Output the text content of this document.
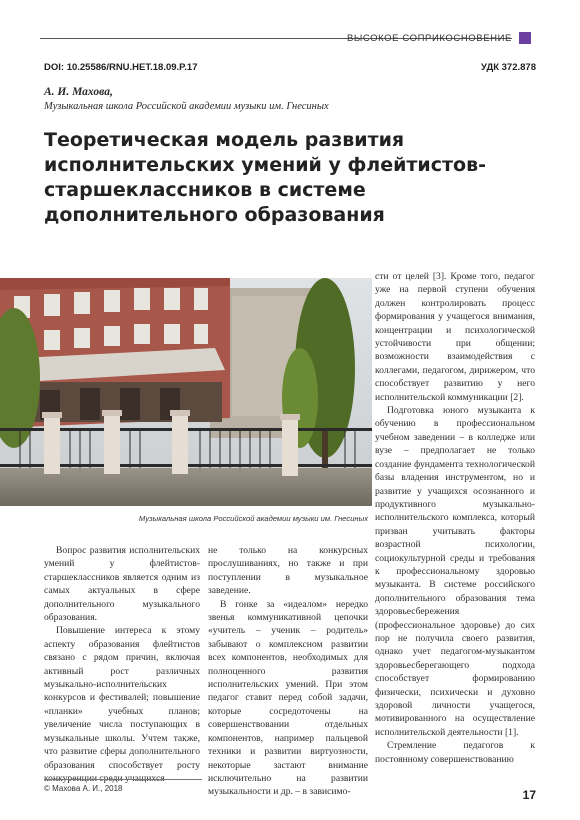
ВЫСОКОЕ СОПРИКОСНОВЕНИЕ
DOI: 10.25586/RNU.HET.18.09.P.17	УДК 372.878
А. И. Махова,
Музыкальная школа Российской академии музыки им. Гнесиных
Теоретическая модель развития исполнительских умений у флейтистов-старшеклассников в системе дополнительного образования
Музыкальная школа Российской академии музыки им. Гнесиных

Вопрос развития исполнительских умений у флейтистов-старшеклассников является одним из самых актуальных в сфере дополнительного музыкального образования.

Повышение интереса к этому аспекту образования флейтистов связано с рядом причин, включая активный рост различных музыкально-исполнительских конкурсов и фестивалей; повышение «планки» учебных планов; увеличение числа поступающих в музыкальные школы. Учтем также, что развитие сферы дополнительного образования способствует росту

не только на конкурсных прослушиваниях, но также и при поступлении в музыкальное заведение.

В гонке за «идеалом» нередко звенья коммуникативной цепочки «учитель – ученик – родитель» забывают о комплексном развитии всех компонентов, необходимых для полноценного развития исполнительских умений. При этом педагог ставит перед собой задачи, которые сосредоточены на совершенствовании отдельных компонентов, например пальцевой техники и развитии виртуозности, некоторые застают внимание исключительно на развитии музыкальности и др. – в зависимо-

сти от целей [3]. Кроме того, педагог уже на первой ступени обучения должен контролировать процесс формирования у учащегося внимания, концентрации и психологической устойчивости при общении; возможности взаимодействия с коллегами, педагогом, дирижером, что способствует развитию у него исполнительской коммуникации [2].

Подготовка юного музыканта к обучению в профессиональном учебном заведении – в колледже или вузе – предполагает не только создание фундамента технологической базы владения инструментом, но и развитие у учащихся осознанного и продуктивного музыкально-исполнительского комплекса, который призван учитывать факторы возрастной психологии, социокультурной среды и требования к профессиональному здоровью музыканта. В системе российского дополнительного образования тема здоровьесбережения (профессиональное здоровье) до сих пор не получила своего развития, однако учет педагогом-музыкантом здоровьесберегающего подхода способствует формированию физически, психически и духовно здоровой личности учащегося, мотивированного на осуществление исполнительской деятельности [1].

Стремление педагогов к постоянному совершенствованию

© Махова А. И., 2018	17
